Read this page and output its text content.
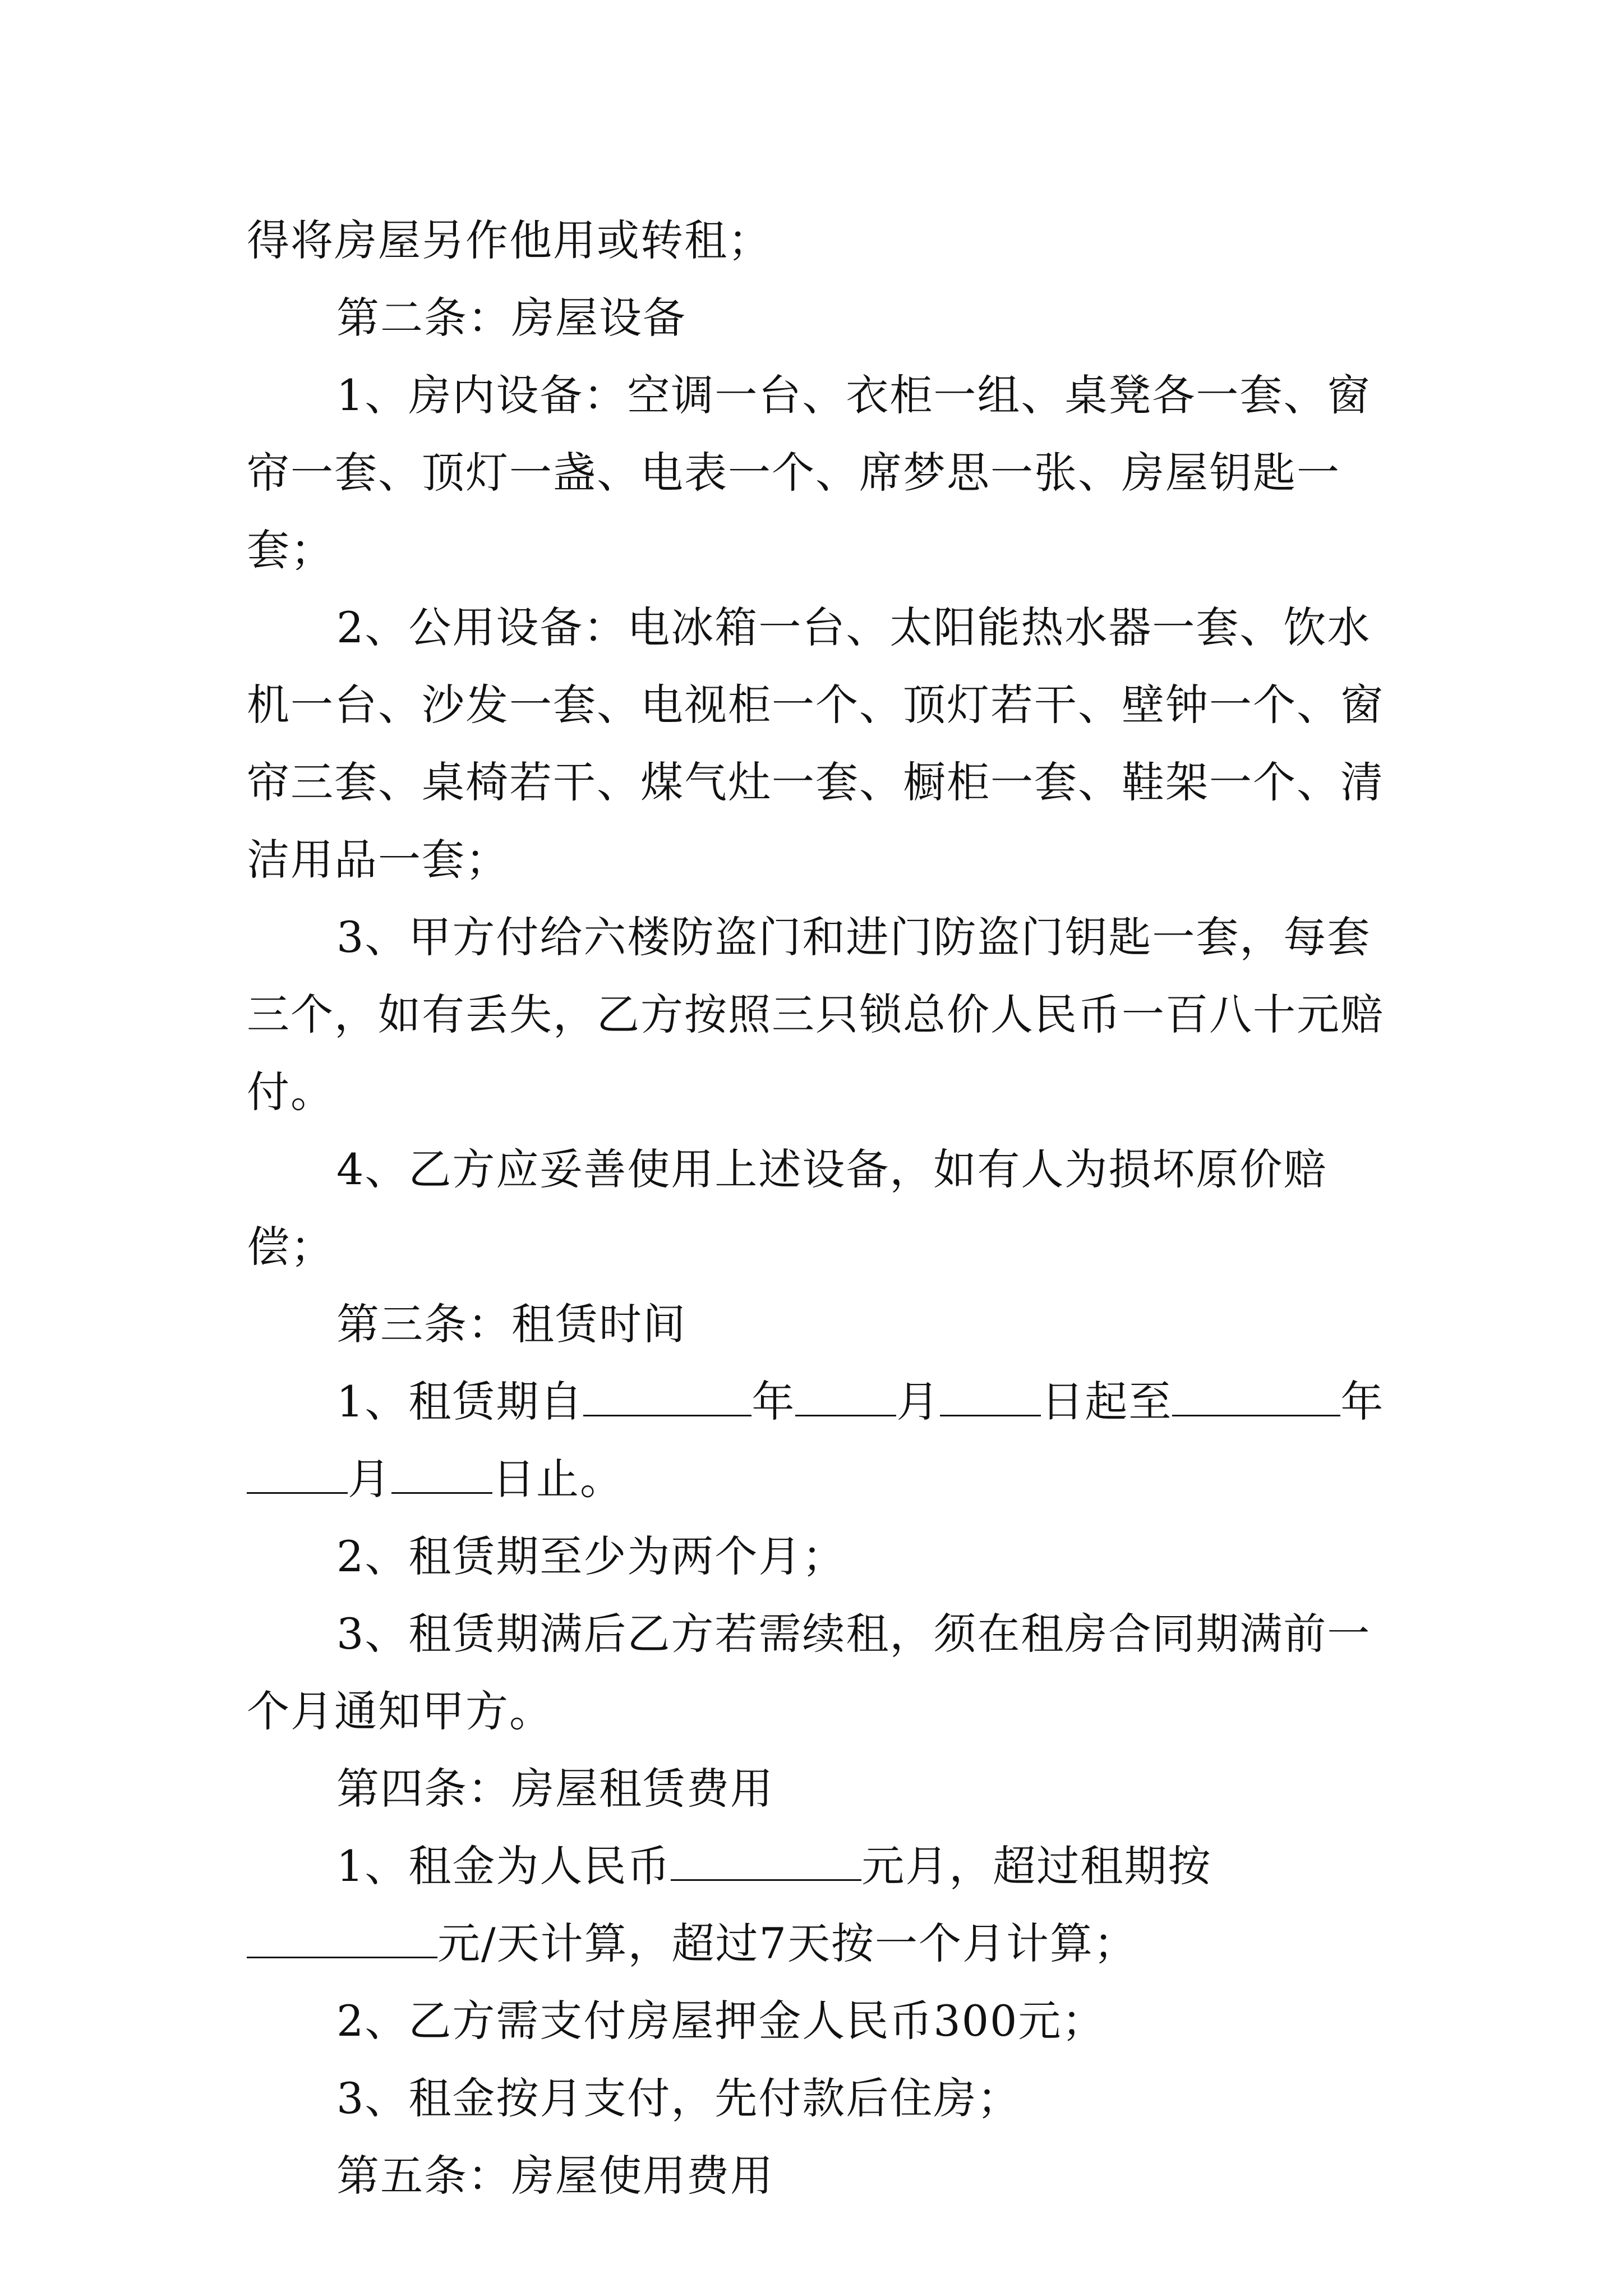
得将房屋另作他用或转租；

第二条：房屋设备

1、房内设备：空调一台、衣柜一组、桌凳各一套、窗帘一套、顶灯一盏、电表一个、席梦思一张、房屋钥匙一套；

2、公用设备：电冰箱一台、太阳能热水器一套、饮水机一台、沙发一套、电视柜一个、顶灯若干、壁钟一个、窗帘三套、桌椅若干、煤气灶一套、橱柜一套、鞋架一个、清洁用品一套；

3、甲方付给六楼防盗门和进门防盗门钥匙一套，每套三个，如有丢失，乙方按照三只锁总价人民币一百八十元赔付。

4、乙方应妥善使用上述设备，如有人为损坏原价赔偿；

第三条：租赁时间

1、租赁期自	年 月 日起至	年月 日止。

2、租赁期至少为两个月；

3、租赁期满后乙方若需续租，须在租房合同期满前一个月通知甲方。

第四条：房屋租赁费用

1、租金为人民币	元月，超过租期按元/天计算，超过7天按一个月计算；

2、乙方需支付房屋押金人民币300元；

3、租金按月支付，先付款后住房；

第五条：房屋使用费用
